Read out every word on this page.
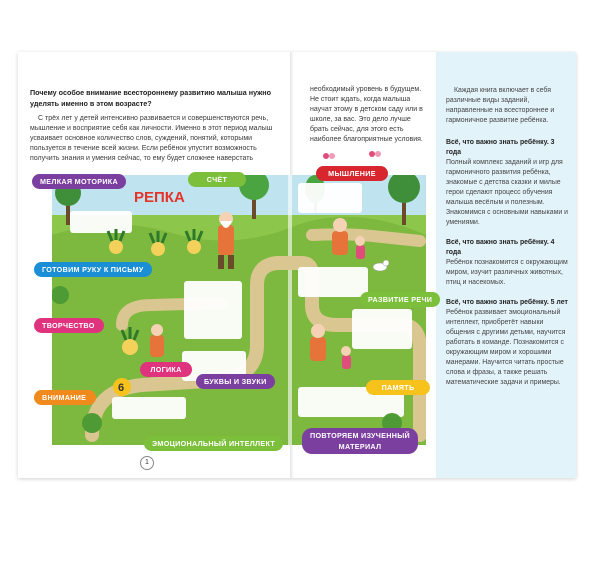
Почему особое внимание всестороннему развитию малыша нужно уделять именно в этом возрасте?
С трёх лет у детей интенсивно развивается и совершенствуются речь, мышление и восприятие себя как личности. Именно в этот период малыш усваивает основное количество слов, суждений, понятий, которыми пользуется в течение всей жизни. Если ребёнок упустит возможность получить знания и умения сейчас, то ему будет сложнее наверстать
необходимый уровень в будущем. Не стоит ждать, когда малыша научат этому в детском саду или в школе, за вас. Это дело лучше брать сейчас, для этого есть наиболее благоприятные условия.
Каждая книга включает в себя различные виды заданий, направленные на всестороннее и гармоничное развитие ребёнка.
Всё, что важно знать ребёнку. 3 года
Полный комплекс заданий и игр для гармоничного развития ребёнка, знакомые с детства сказки и милые герои сделают процесс обучения малыша весёлым и полезным. Знакомимся с основными навыками и умениями.
Всё, что важно знать ребёнку. 4 года
Ребёнок познакомится с окружающим миром, изучит различных животных, птиц и насекомых.
Всё, что важно знать ребёнку. 5 лет
Ребёнок развивает эмоциональный интеллект, приобретёт навыки общения с другими детьми, научится работать в команде. Познакомится с окружающим миром и хорошими манерами. Научится читать простые слова и фразы, а также решать математические задачи и примеры.
РЕПКА
6
МЕЛКАЯ МОТОРИКА	СЧЁТ
МЫШЛЕНИЕ
ГОТОВИМ РУКУ К ПИСЬМУ
РАЗВИТИЕ РЕЧИ
ТВОРЧЕСТВО
ЛОГИКА
БУКВЫ И ЗВУКИ
ПАМЯТЬ
ВНИМАНИЕ
ЭМОЦИОНАЛЬНЫЙ ИНТЕЛЛЕКТ
ПОВТОРЯЕМ ИЗУЧЕННЫЙ
МАТЕРИАЛ
1
